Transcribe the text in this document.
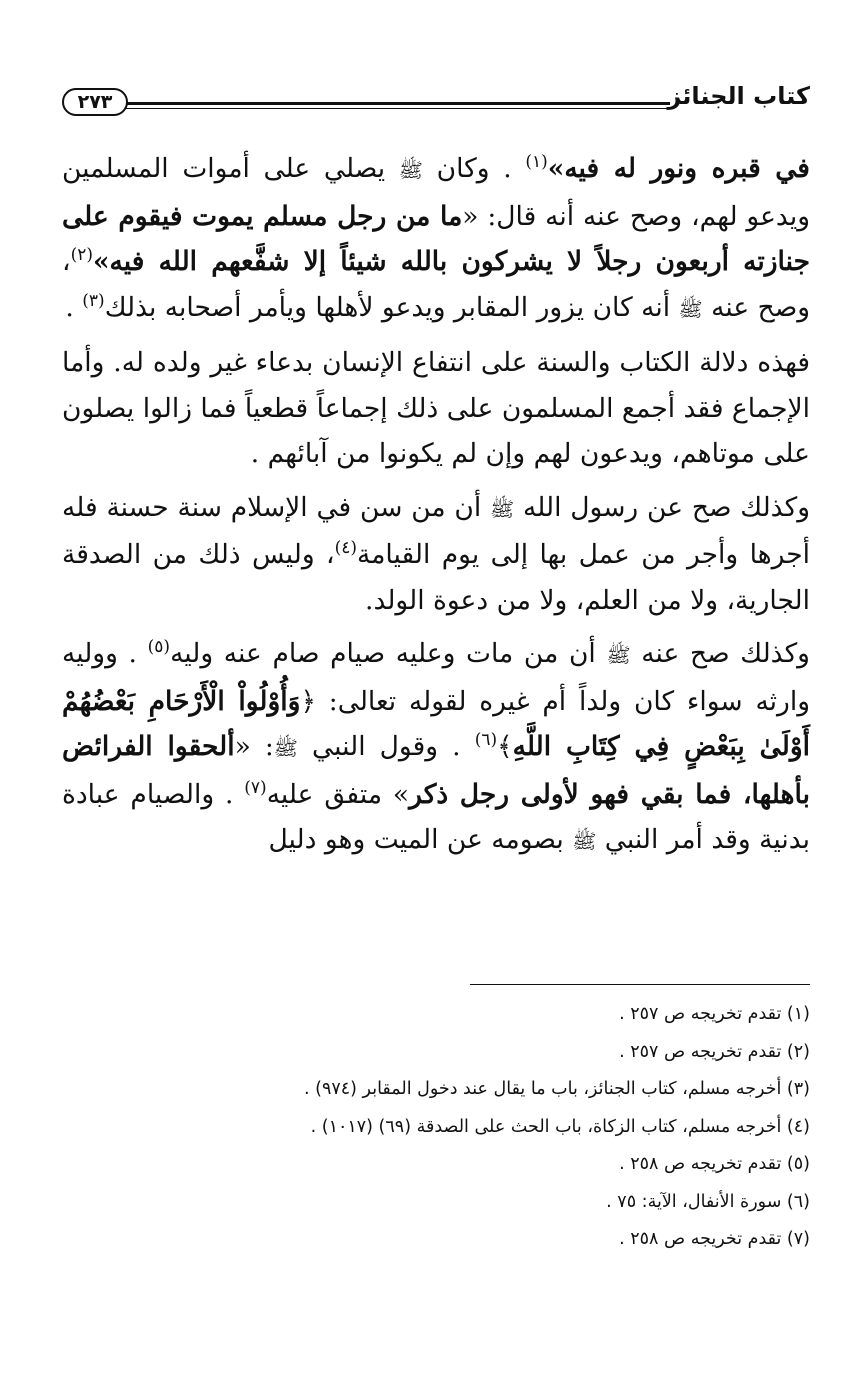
كتاب الجنائز
٢٧٣

في قبره ونور له فيه»$^{(١)}$ . وكان ﷺ يصلي على أموات المسلمين ويدعو لهم، وصح عنه أنه قال: «ما من رجل مسلم يموت فيقوم على جنازته أربعون رجلاً لا يشركون بالله شيئاً إلا شفَّعهم الله فيه»$^{(٢)}$، وصح عنه ﷺ أنه كان يزور المقابر ويدعو لأهلها ويأمر أصحابه بذلك$^{(٣)}$ .

فهذه دلالة الكتاب والسنة على انتفاع الإنسان بدعاء غير ولده له. وأما الإجماع فقد أجمع المسلمون على ذلك إجماعاً قطعياً فما زالوا يصلون على موتاهم، ويدعون لهم وإن لم يكونوا من آبائهم .

وكذلك صح عن رسول الله ﷺ أن من سن في الإسلام سنة حسنة فله أجرها وأجر من عمل بها إلى يوم القيامة$^{(٤)}$، وليس ذلك من الصدقة الجارية، ولا من العلم، ولا من دعوة الولد.

وكذلك صح عنه ﷺ أن من مات وعليه صيام صام عنه وليه$^{(٥)}$ . ووليه وارثه سواء كان ولداً أم غيره لقوله تعالى: ﴿وَأُوْلُواْ الْأَرْحَامِ بَعْضُهُمْ أَوْلَىٰ بِبَعْضٍ فِي كِتَابِ اللَّهِ﴾$^{(٦)}$ . وقول النبي ﷺ: «ألحقوا الفرائض بأهلها، فما بقي فهو لأولى رجل ذكر» متفق عليه$^{(٧)}$ . والصيام عبادة بدنية وقد أمر النبي ﷺ بصومه عن الميت وهو دليل

(١) تقدم تخريجه ص ٢٥٧ .
(٢) تقدم تخريجه ص ٢٥٧ .
(٣) أخرجه مسلم، كتاب الجنائز، باب ما يقال عند دخول المقابر (٩٧٤) .
(٤) أخرجه مسلم، كتاب الزكاة، باب الحث على الصدقة (٦٩) (١٠١٧) .
(٥) تقدم تخريجه ص ٢٥٨ .
(٦) سورة الأنفال، الآية: ٧٥ .
(٧) تقدم تخريجه ص ٢٥٨ .
